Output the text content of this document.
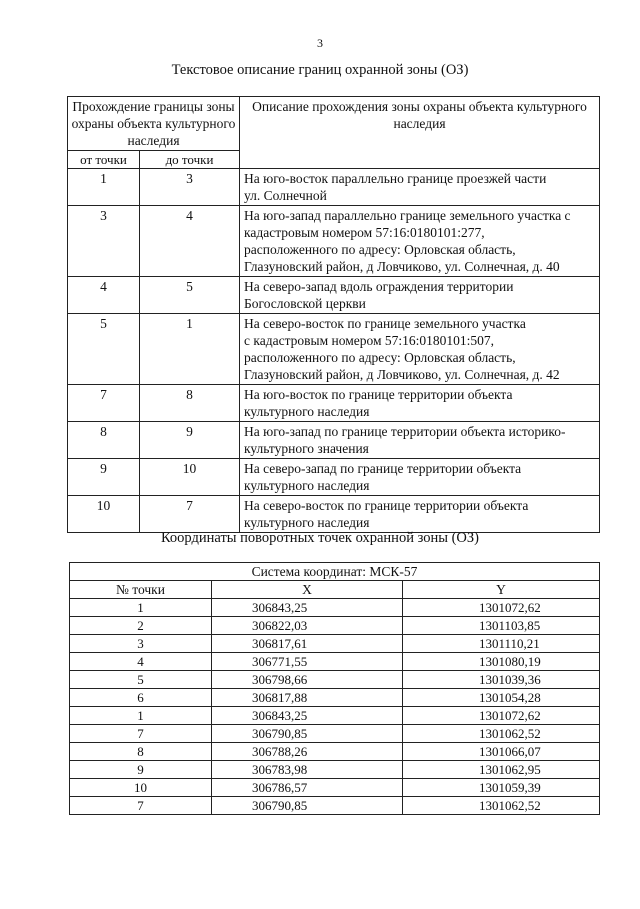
3
Текстовое описание границ охранной зоны (ОЗ)
Прохождение границы зоны охраны объекта культурного наследия		Описание прохождения зоны охраны объекта культурного наследия
от точки	до точки	
1	3	На юго-восток параллельно границе проезжей части
ул. Солнечной

3	4	На юго-запад параллельно границе земельного участка с
кадастровым номером 57:16:0180101:277,
расположенного по адресу: Орловская область,
Глазуновский район, д Ловчиково, ул. Солнечная, д. 40

4	5	На северо-запад вдоль ограждения территории
Богословской церкви

5	1	На северо-восток по границе земельного участка
с кадастровым номером 57:16:0180101:507,
расположенного по адресу: Орловская область,
Глазуновский район, д Ловчиково, ул. Солнечная, д. 42

7	8	На юго-восток по границе территории объекта
культурного наследия

8	9	На юго-запад по границе территории объекта историко-
культурного значения

9	10	На северо-запад по границе территории объекта
культурного наследия

10	7	На северо-восток по границе территории объекта
культурного наследия
Координаты поворотных точек охранной зоны (ОЗ)
Система координат: МСК-57		
№ точки	X	Y
1	306843,25	1301072,62
2	306822,03	1301103,85
3	306817,61	1301110,21
4	306771,55	1301080,19
5	306798,66	1301039,36
6	306817,88	1301054,28
1	306843,25	1301072,62
7	306790,85	1301062,52
8	306788,26	1301066,07
9	306783,98	1301062,95
10	306786,57	1301059,39
7	306790,85	1301062,52
